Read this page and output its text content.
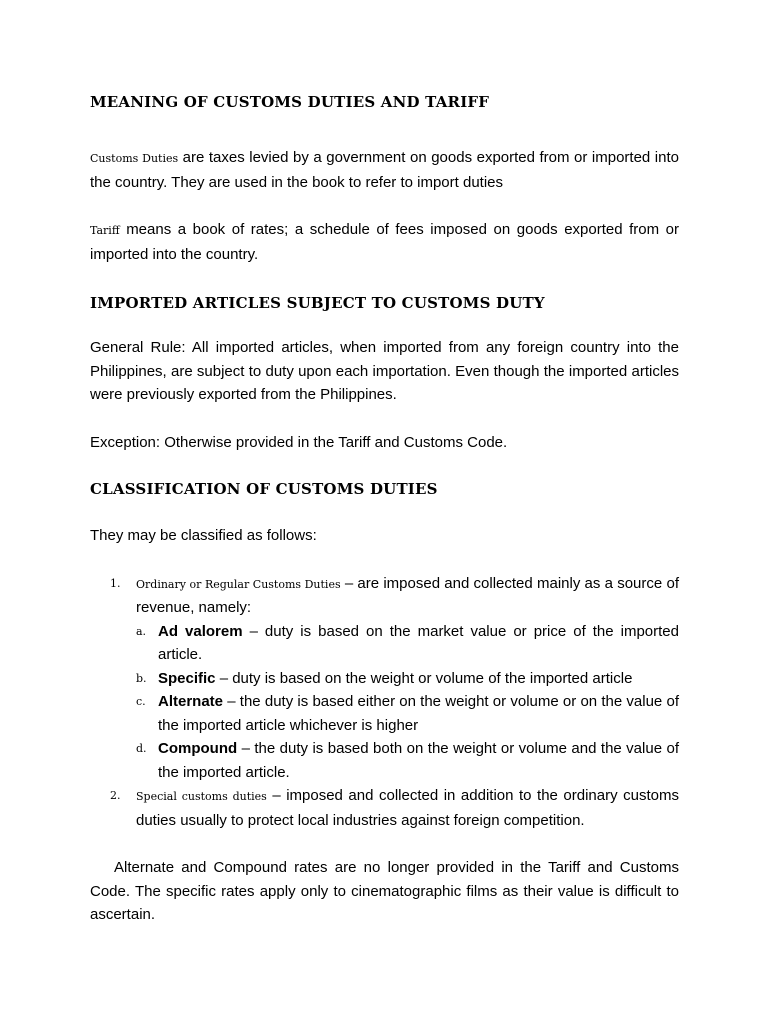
MEANING OF CUSTOMS DUTIES AND TARIFF

Customs Duties are taxes levied by a government on goods exported from or imported into the country. They are used in the book to refer to import duties

Tariff means a book of rates; a schedule of fees imposed on goods exported from or imported into the country.

IMPORTED ARTICLES SUBJECT TO CUSTOMS DUTY

General Rule: All imported articles, when imported from any foreign country into the Philippines, are subject to duty upon each importation. Even though the imported articles were previously exported from the Philippines.

Exception: Otherwise provided in the Tariff and Customs Code.

CLASSIFICATION OF CUSTOMS DUTIES

They may be classified as follows:

1. Ordinary or Regular Customs Duties – are imposed and collected mainly as a source of revenue, namely:
a. Ad valorem – duty is based on the market value or price of the imported article.
b. Specific – duty is based on the weight or volume of the imported article
c. Alternate – the duty is based either on the weight or volume or on the value of the imported article whichever is higher
d. Compound – the duty is based both on the weight or volume and the value of the imported article.
2. Special customs duties – imposed and collected in addition to the ordinary customs duties usually to protect local industries against foreign competition.

Alternate and Compound rates are no longer provided in the Tariff and Customs Code. The specific rates apply only to cinematographic films as their value is difficult to ascertain.
